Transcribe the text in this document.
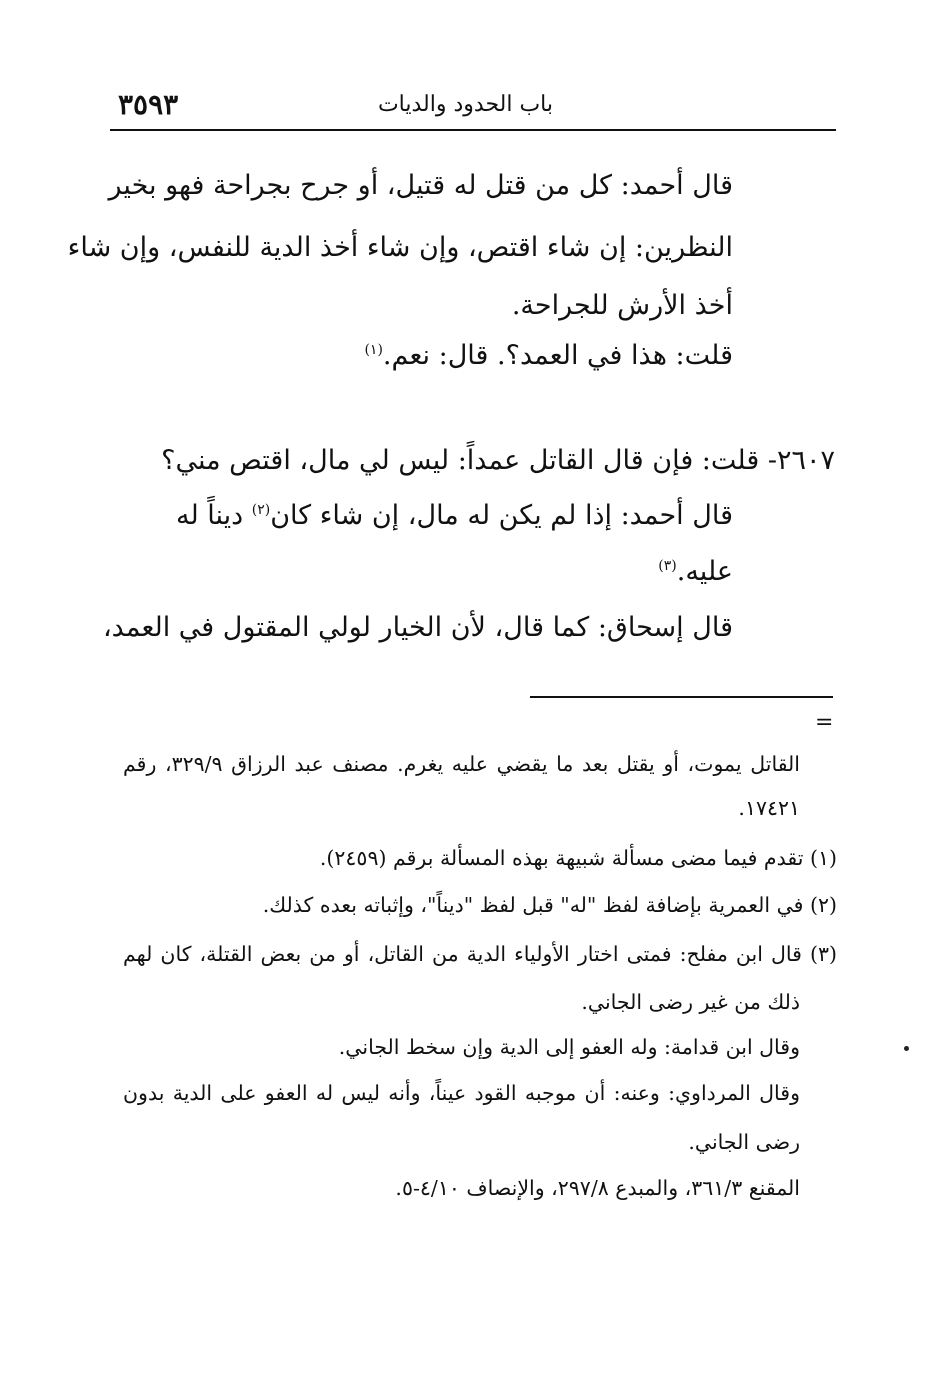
باب الحدود والديات
٣٥٩٣
قال أحمد: كل من قتل له قتيل، أو جرح بجراحة فهو بخير
النظرين: إن شاء اقتص، وإن شاء أخذ الدية للنفس، وإن شاء
أخذ الأرش للجراحة.
قلت: هذا في العمد؟. قال: نعم.$^{(١)}$
٢٦٠٧- قلت: فإن قال القاتل عمداً: ليس لي مال، اقتص مني؟
قال أحمد: إذا لم يكن له مال، إن شاء كان$^{(٢)}$ ديناً له
عليه.$^{(٣)}$
قال إسحاق: كما قال، لأن الخيار لولي المقتول في العمد،
=
القاتل يموت، أو يقتل بعد ما يقضي عليه يغرم. مصنف عبد الرزاق ٣٢٩/٩، رقم
١٧٤٢١.
(١) تقدم فيما مضى مسألة شبيهة بهذه المسألة برقم (٢٤٥٩).
(٢) في العمرية بإضافة لفظ "له" قبل لفظ "ديناً"، وإثباته بعده كذلك.
(٣) قال ابن مفلح: فمتى اختار الأولياء الدية من القاتل، أو من بعض القتلة، كان لهم
ذلك من غير رضى الجاني.
وقال ابن قدامة: وله العفو إلى الدية وإن سخط الجاني.
وقال المرداوي: وعنه: أن موجبه القود عيناً، وأنه ليس له العفو على الدية بدون
رضى الجاني.
المقنع ٣٦١/٣، والمبدع ٢٩٧/٨، والإنصاف ٤/١٠-٥.
